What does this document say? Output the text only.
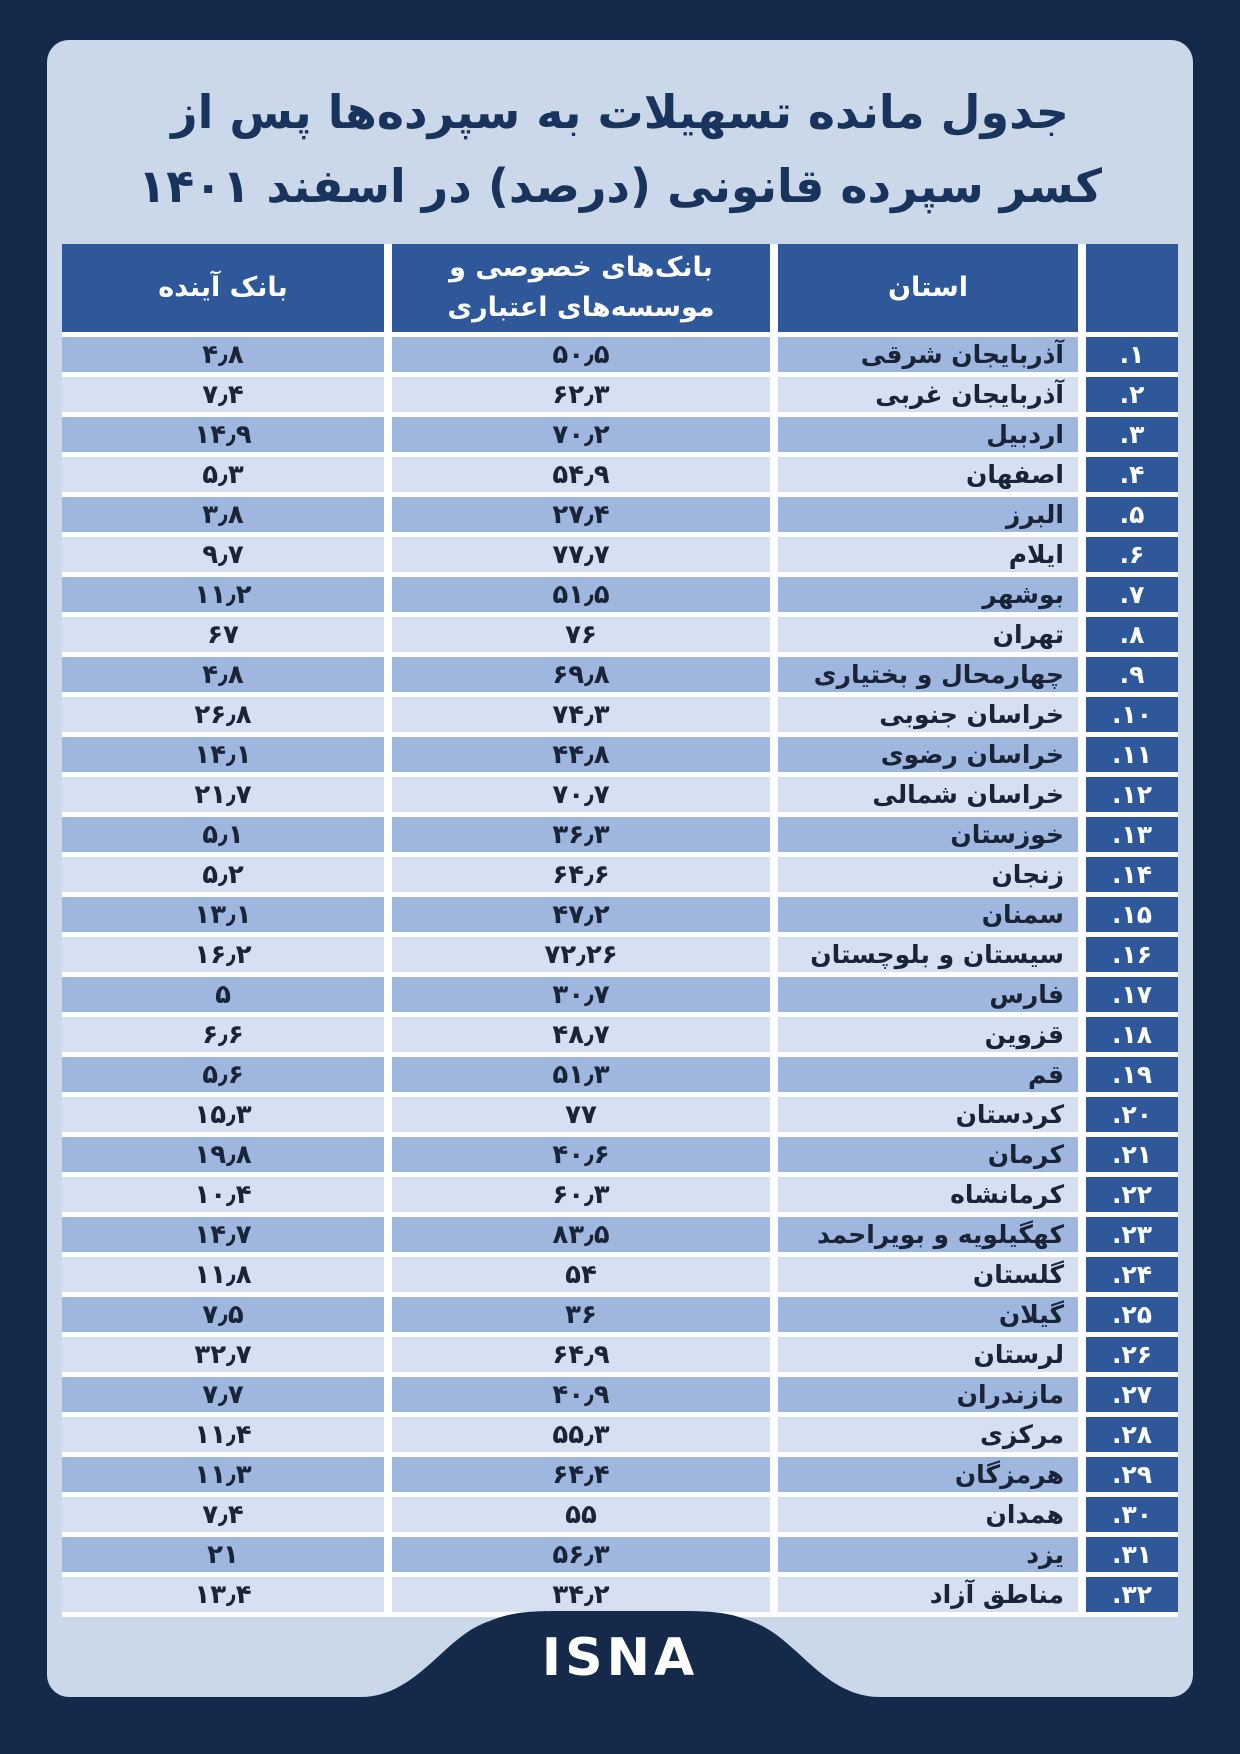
جدول مانده تسهیلات به سپرده‌ها پس از
کسر سپرده قانونی (درصد) در اسفند ۱۴۰۱
استان
بانک‌های خصوصی و
موسسه‌های اعتباری
بانک آینده
۱.
آذربایجان شرقی
۵۰٫۵
۴٫۸
۲.
آذربایجان غربی
۶۲٫۳
۷٫۴
۳.
اردبیل
۷۰٫۲
۱۴٫۹
۴.
اصفهان
۵۴٫۹
۵٫۳
۵.
البرز
۲۷٫۴
۳٫۸
۶.
ایلام
۷۷٫۷
۹٫۷
۷.
بوشهر
۵۱٫۵
۱۱٫۲
۸.
تهران
۷۶
۶۷
۹.
چهارمحال و بختیاری
۶۹٫۸
۴٫۸
۱۰.
خراسان جنوبی
۷۴٫۳
۲۶٫۸
۱۱.
خراسان رضوی
۴۴٫۸
۱۴٫۱
۱۲.
خراسان شمالی
۷۰٫۷
۲۱٫۷
۱۳.
خوزستان
۳۶٫۳
۵٫۱
۱۴.
زنجان
۶۴٫۶
۵٫۲
۱۵.
سمنان
۴۷٫۲
۱۳٫۱
۱۶.
سیستان و بلوچستان
۷۲٫۲۶
۱۶٫۲
۱۷.
فارس
۳۰٫۷
۵
۱۸.
قزوین
۴۸٫۷
۶٫۶
۱۹.
قم
۵۱٫۳
۵٫۶
۲۰.
کردستان
۷۷
۱۵٫۳
۲۱.
کرمان
۴۰٫۶
۱۹٫۸
۲۲.
کرمانشاه
۶۰٫۳
۱۰٫۴
۲۳.
کهگیلویه و بویراحمد
۸۳٫۵
۱۴٫۷
۲۴.
گلستان
۵۴
۱۱٫۸
۲۵.
گیلان
۳۶
۷٫۵
۲۶.
لرستان
۶۴٫۹
۳۲٫۷
۲۷.
مازندران
۴۰٫۹
۷٫۷
۲۸.
مرکزی
۵۵٫۳
۱۱٫۴
۲۹.
هرمزگان
۶۴٫۴
۱۱٫۳
۳۰.
همدان
۵۵
۷٫۴
۳۱.
یزد
۵۶٫۳
۲۱
۳۲.
مناطق آزاد
۳۴٫۲
۱۳٫۴
ISNA
